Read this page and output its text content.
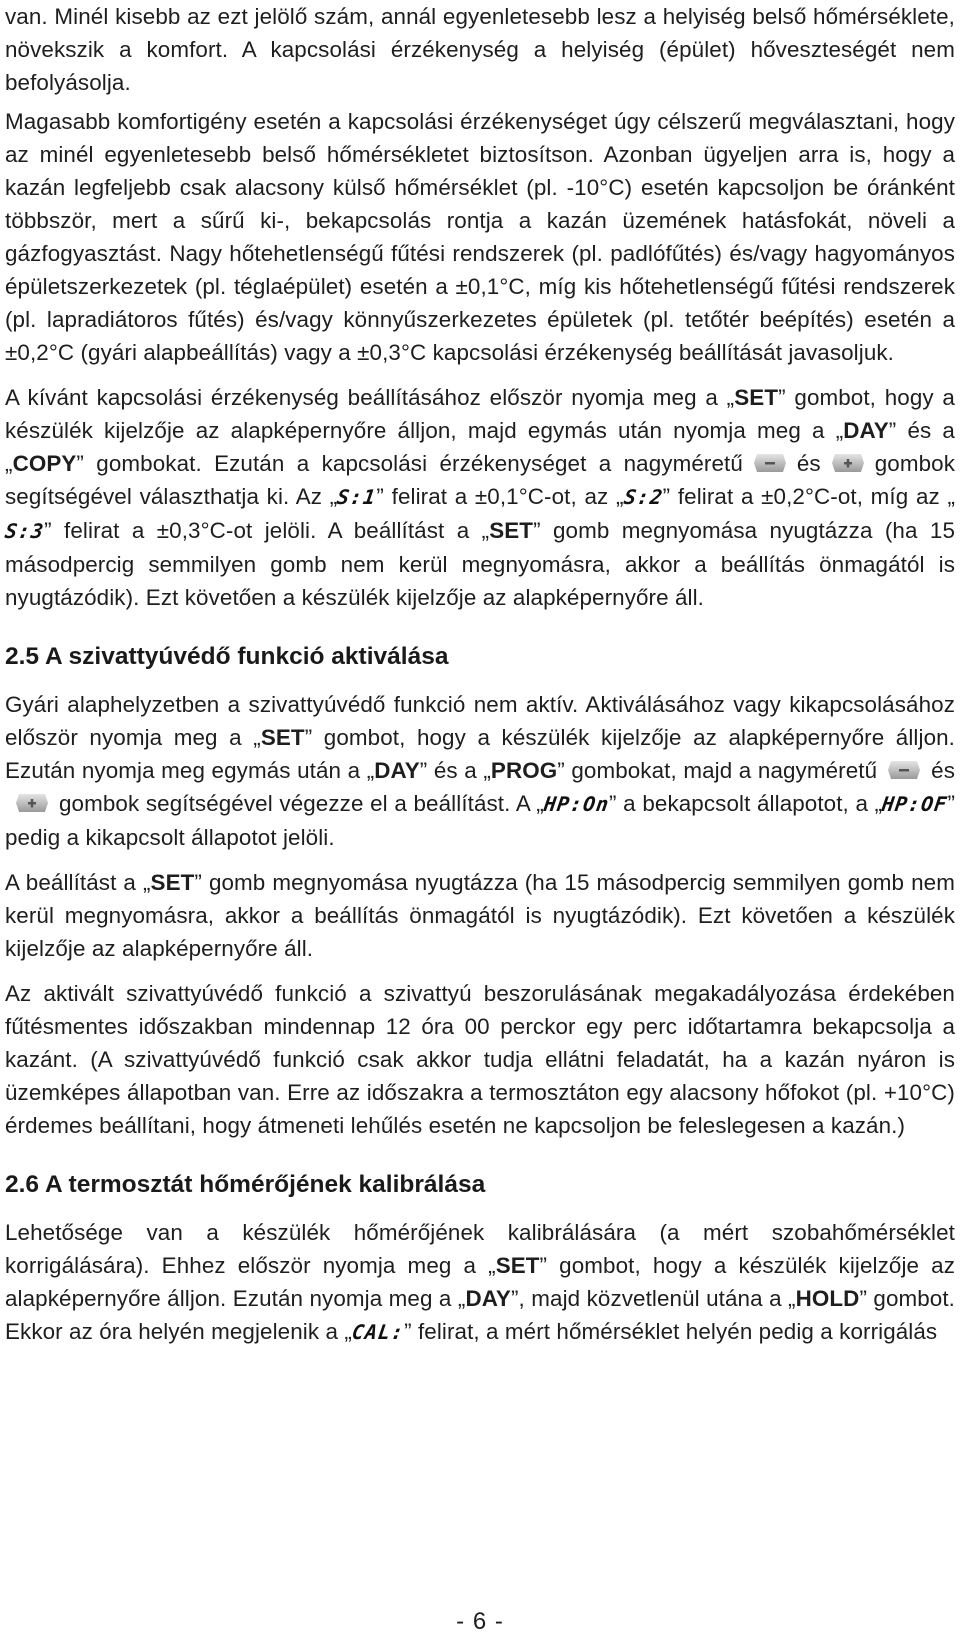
van. Minél kisebb az ezt jelölő szám, annál egyenletesebb lesz a helyiség belső hőmérséklete, növekszik a komfort. A kapcsolási érzékenység a helyiség (épület) hőveszteségét nem befolyásolja.

Magasabb komfortigény esetén a kapcsolási érzékenységet úgy célszerű megválasztani, hogy az minél egyenletesebb belső hőmérsékletet biztosítson. Azonban ügyeljen arra is, hogy a kazán legfeljebb csak alacsony külső hőmérséklet (pl. -10°C) esetén kapcsoljon be óránként többször, mert a sűrű ki-, bekapcsolás rontja a kazán üzemének hatásfokát, növeli a gázfogyasztást. Nagy hőtehetlenségű fűtési rendszerek (pl. padlófűtés) és/vagy hagyományos épületszerkezetek (pl. téglaépület) esetén a ±0,1°C, míg kis hőtehetlenségű fűtési rendszerek (pl. lapradiátoros fűtés) és/vagy könnyűszerkezetes épületek (pl. tetőtér beépítés) esetén a ±0,2°C (gyári alapbeállítás) vagy a ±0,3°C kapcsolási érzékenység beállítását javasoljuk.

A kívánt kapcsolási érzékenység beállításához először nyomja meg a „SET” gombot, hogy a készülék kijelzője az alapképernyőre álljon, majd egymás után nyomja meg a „DAY” és a „COPY” gombokat. Ezután a kapcsolási érzékenységet a nagyméretű és gombok segítségével választhatja ki. Az „S:1” felirat a ±0,1°C-ot, az „S:2” felirat a ±0,2°C-ot, míg az „S:3” felirat a ±0,3°C-ot jelöli. A beállítást a „SET” gomb megnyomása nyugtázza (ha 15 másodpercig semmilyen gomb nem kerül megnyomásra, akkor a beállítás önmagától is nyugtázódik). Ezt követően a készülék kijelzője az alapképernyőre áll.

2.5 A szivattyúvédő funkció aktiválása

Gyári alaphelyzetben a szivattyúvédő funkció nem aktív. Aktiválásához vagy kikapcsolásához először nyomja meg a „SET” gombot, hogy a készülék kijelzője az alapképernyőre álljon. Ezután nyomja meg egymás után a „DAY” és a „PROG” gombokat, majd a nagyméretű és
gombok segítségével végezze el a beállítást. A „HP:On” a bekapcsolt állapotot, a „HP:OF” pedig a kikapcsolt állapotot jelöli.

A beállítást a „SET” gomb megnyomása nyugtázza (ha 15 másodpercig semmilyen gomb nem kerül megnyomásra, akkor a beállítás önmagától is nyugtázódik). Ezt követően a készülék kijelzője az alapképernyőre áll.

Az aktivált szivattyúvédő funkció a szivattyú beszorulásának megakadályozása érdekében fűtésmentes időszakban mindennap 12 óra 00 perckor egy perc időtartamra bekapcsolja a kazánt. (A szivattyúvédő funkció csak akkor tudja ellátni feladatát, ha a kazán nyáron is üzemképes állapotban van. Erre az időszakra a termosztáton egy alacsony hőfokot (pl. +10°C) érdemes beállítani, hogy átmeneti lehűlés esetén ne kapcsoljon be feleslegesen a kazán.)

2.6 A termosztát hőmérőjének kalibrálása

Lehetősége van a készülék hőmérőjének kalibrálására (a mért szobahőmérséklet korrigálására). Ehhez először nyomja meg a „SET” gombot, hogy a készülék kijelzője az alapképernyőre álljon. Ezután nyomja meg a „DAY”, majd közvetlenül utána a „HOLD” gombot. Ekkor az óra helyén megjelenik a „CAL:” felirat, a mért hőmérséklet helyén pedig a korrigálás

- 6 -
